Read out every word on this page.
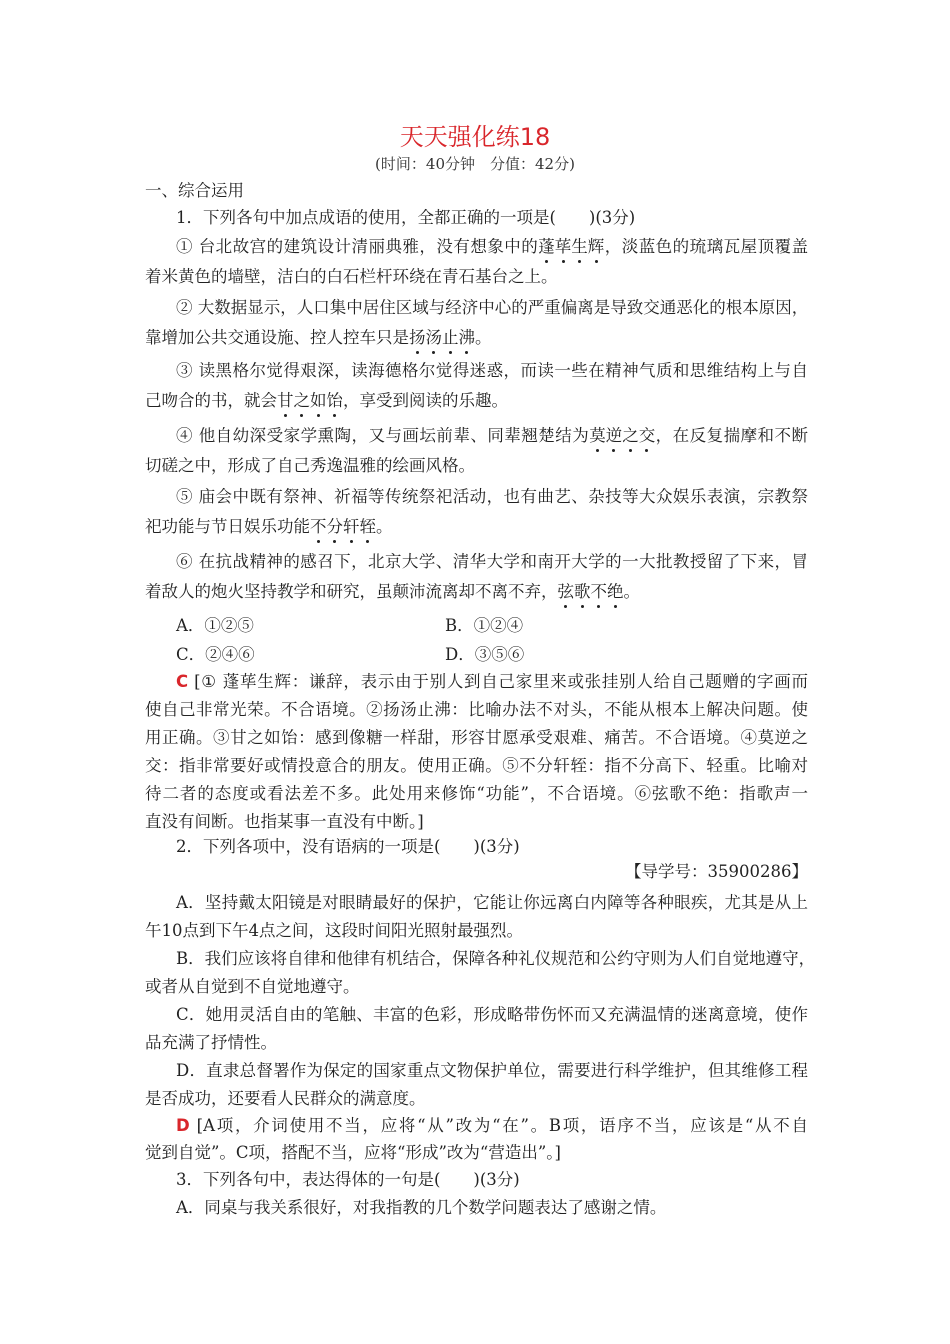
天天强化练18
(时间：40分钟　分值：42分)
一、综合运用
1．下列各句中加点成语的使用，全都正确的一项是(　　)(3分)
① 台北故宫的建筑设计清丽典雅，没有想象中的蓬荜生辉，淡蓝色的琉璃瓦屋顶覆盖
着米黄色的墙壁，洁白的白石栏杆环绕在青石基台之上。
② 大数据显示，人口集中居住区域与经济中心的严重偏离是导致交通恶化的根本原因，
靠增加公共交通设施、控人控车只是扬汤止沸。
③ 读黑格尔觉得艰深，读海德格尔觉得迷惑，而读一些在精神气质和思维结构上与自
己吻合的书，就会甘之如饴，享受到阅读的乐趣。
④ 他自幼深受家学熏陶，又与画坛前辈、同辈翘楚结为莫逆之交，在反复揣摩和不断
切磋之中，形成了自己秀逸温雅的绘画风格。
⑤ 庙会中既有祭神、祈福等传统祭祀活动，也有曲艺、杂技等大众娱乐表演，宗教祭
祀功能与节日娱乐功能不分轩轾。
⑥ 在抗战精神的感召下，北京大学、清华大学和南开大学的一大批教授留了下来，冒
着敌人的炮火坚持教学和研究，虽颠沛流离却不离不弃，弦歌不绝。
A．①②⑤	B．①②④
C．②④⑥	D．③⑤⑥
C [① 蓬荜生辉：谦辞，表示由于别人到自己家里来或张挂别人给自己题赠的字画而
使自己非常光荣。不合语境。②扬汤止沸：比喻办法不对头，不能从根本上解决问题。使
用正确。③甘之如饴：感到像糖一样甜，形容甘愿承受艰难、痛苦。不合语境。④莫逆之
交：指非常要好或情投意合的朋友。使用正确。⑤不分轩轾：指不分高下、轻重。比喻对
待二者的态度或看法差不多。此处用来修饰“功能”，不合语境。⑥弦歌不绝：指歌声一
直没有间断。也指某事一直没有中断。]
2．下列各项中，没有语病的一项是(　　)(3分)
【导学号：35900286】
A．坚持戴太阳镜是对眼睛最好的保护，它能让你远离白内障等各种眼疾，尤其是从上
午10点到下午4点之间，这段时间阳光照射最强烈。
B．我们应该将自律和他律有机结合，保障各种礼仪规范和公约守则为人们自觉地遵守，
或者从自觉到不自觉地遵守。
C．她用灵活自由的笔触、丰富的色彩，形成略带伤怀而又充满温情的迷离意境，使作
品充满了抒情性。
D．直隶总督署作为保定的国家重点文物保护单位，需要进行科学维护，但其维修工程
是否成功，还要看人民群众的满意度。
D [A项，介词使用不当，应将“从”改为“在”。B项，语序不当，应该是“从不自
觉到自觉”。C项，搭配不当，应将“形成”改为“营造出”。]
3．下列各句中，表达得体的一句是(　　)(3分)
A．同桌与我关系很好，对我指教的几个数学问题表达了感谢之情。
